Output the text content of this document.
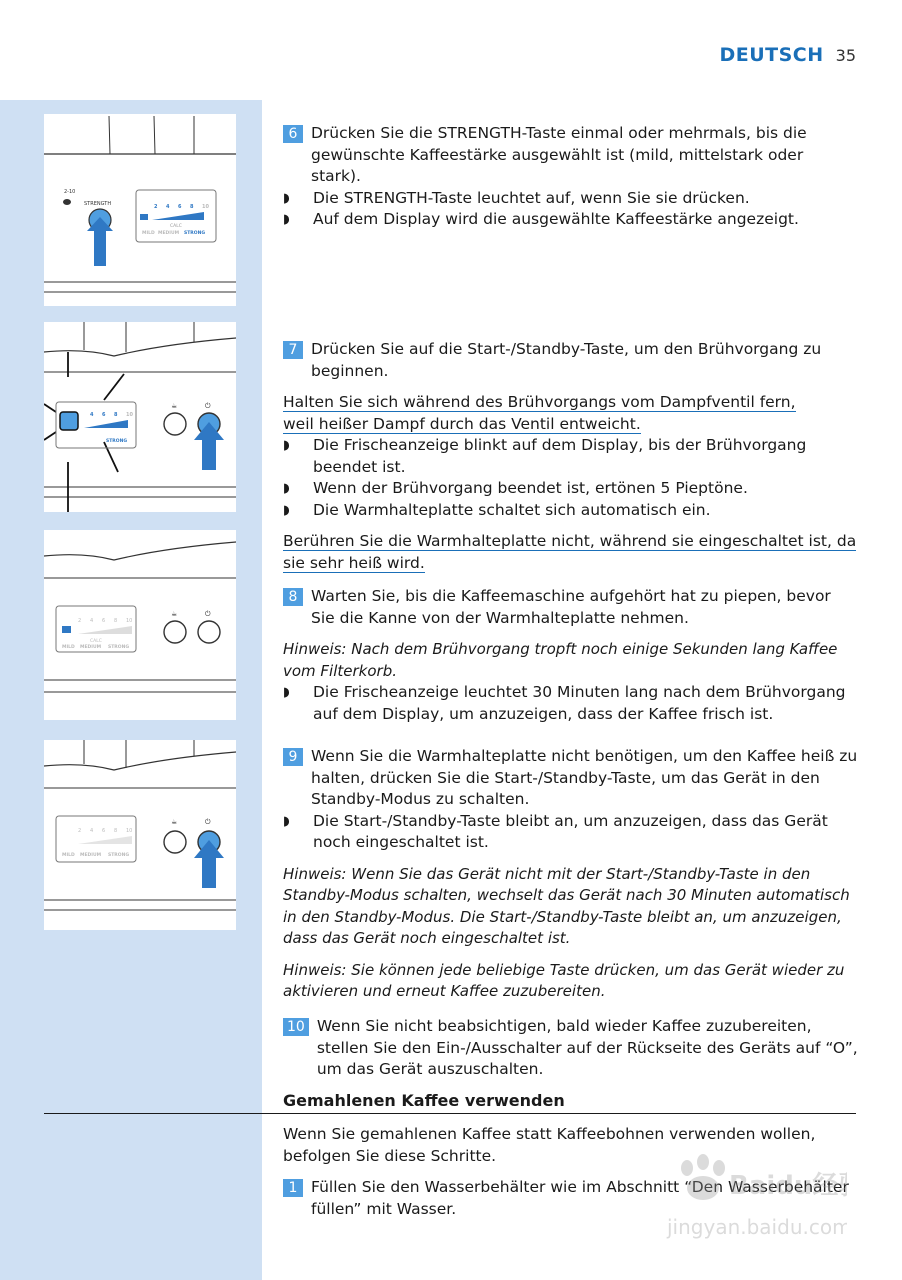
DEUTSCH 35
2-10
STRENGTH	2 4 6 8 10
CALC
MILD MEDIUM STRONG
4 6 8 10
STRONG
☕	⏻
2 4 6 8 10
CALC
MILD MEDIUM STRONG
☕	⏻
2 4 6 8 10
MILD MEDIUM STRONG
☕	⏻
6 Drücken Sie die STRENGTH-Taste einmal oder mehrmals, bis die gewünschte Kaffeestärke ausgewählt ist (mild, mittelstark oder stark).

◗	Die STRENGTH-Taste leuchtet auf, wenn Sie sie drücken.

◗	Auf dem Display wird die ausgewählte Kaffeestärke angezeigt.

7 Drücken Sie auf die Start-/Standby-Taste, um den Brühvorgang zu beginnen.

Halten Sie sich während des Brühvorgangs vom Dampfventil fern, weil heißer Dampf durch das Ventil entweicht.

◗	Die Frischeanzeige blinkt auf dem Display, bis der Brühvorgang beendet ist.

◗	Wenn der Brühvorgang beendet ist, ertönen 5 Pieptöne.

◗	Die Warmhalteplatte schaltet sich automatisch ein.

Berühren Sie die Warmhalteplatte nicht, während sie eingeschaltet ist, da sie sehr heiß wird.

8 Warten Sie, bis die Kaffeemaschine aufgehört hat zu piepen, bevor Sie die Kanne von der Warmhalteplatte nehmen.

Hinweis: Nach dem Brühvorgang tropft noch einige Sekunden lang Kaffee vom Filterkorb.

◗	Die Frischeanzeige leuchtet 30 Minuten lang nach dem Brühvorgang auf dem Display, um anzuzeigen, dass der Kaffee frisch ist.

9 Wenn Sie die Warmhalteplatte nicht benötigen, um den Kaffee heiß zu halten, drücken Sie die Start-/Standby-Taste, um das Gerät in den Standby-Modus zu schalten.

◗	Die Start-/Standby-Taste bleibt an, um anzuzeigen, dass das Gerät noch eingeschaltet ist.

Hinweis: Wenn Sie das Gerät nicht mit der Start-/Standby-Taste in den Standby-Modus schalten, wechselt das Gerät nach 30 Minuten automatisch in den Standby-Modus. Die Start-/Standby-Taste bleibt an, um anzuzeigen, dass das Gerät noch eingeschaltet ist.

Hinweis: Sie können jede beliebige Taste drücken, um das Gerät wieder zu aktivieren und erneut Kaffee zuzubereiten.

10 Wenn Sie nicht beabsichtigen, bald wieder Kaffee zuzubereiten, stellen Sie den Ein-/Ausschalter auf der Rückseite des Geräts auf “O”, um das Gerät auszuschalten.

Gemahlenen Kaffee verwenden

Wenn Sie gemahlenen Kaffee statt Kaffeebohnen verwenden wollen, befolgen Sie diese Schritte.

1 Füllen Sie den Wasserbehälter wie im Abschnitt “Den Wasserbehälter füllen” mit Wasser.

Baidu经
jingyan.baidu.com
